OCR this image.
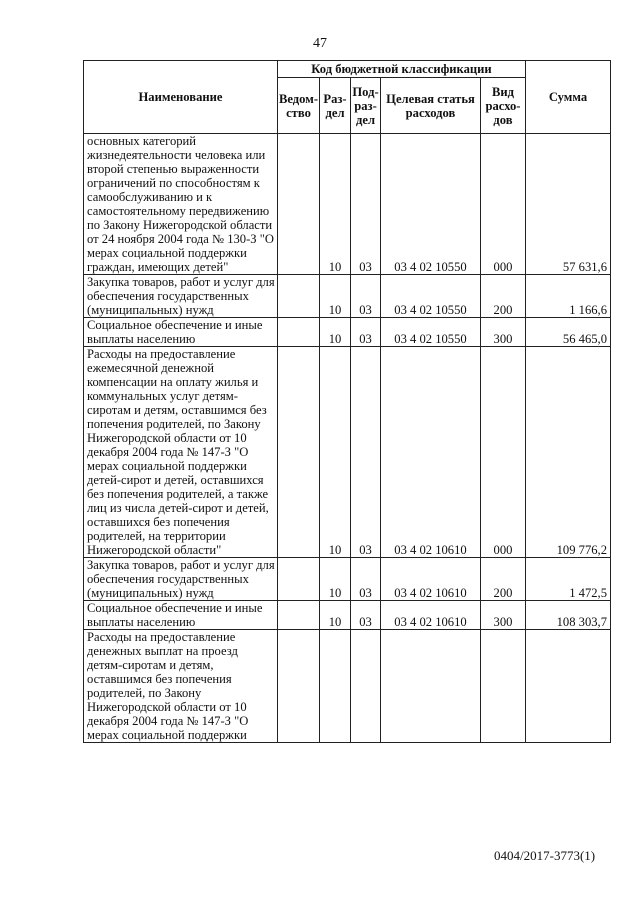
47
Наименование	Код бюджетной классификации					Сумма
	Ведом-ство	Раз-дел	Под-раз-дел	Целевая статья расходов	Вид расхо-дов	
основных категорий жизнедеятельности человека или второй степенью выраженности ограничений по способностям к самообслуживанию и к самостоятельному передвижению по Закону Нижегородской области от 24 ноября 2004 года № 130-З "О мерах социальной поддержки граждан, имеющих детей"		10	03	03 4 02 10550	000	57 631,6
Закупка товаров, работ и услуг для обеспечения государственных (муниципальных) нужд		10	03	03 4 02 10550	200	1 166,6
Социальное обеспечение и иные выплаты населению		10	03	03 4 02 10550	300	56 465,0
Расходы на предоставление ежемесячной денежной компенсации на оплату жилья и коммунальных услуг детям-сиротам и детям, оставшимся без попечения родителей, по Закону Нижегородской области от 10 декабря 2004 года № 147-З "О мерах социальной поддержки детей-сирот и детей, оставшихся без попечения родителей, а также лиц из числа детей-сирот и детей, оставшихся без попечения родителей, на территории Нижегородской области"		10	03	03 4 02 10610	000	109 776,2
Закупка товаров, работ и услуг для обеспечения государственных (муниципальных) нужд		10	03	03 4 02 10610	200	1 472,5
Социальное обеспечение и иные выплаты населению		10	03	03 4 02 10610	300	108 303,7
Расходы на предоставление денежных выплат на проезд детям-сиротам и детям, оставшимся без попечения родителей, по Закону Нижегородской области от 10 декабря 2004 года № 147-З "О мерах социальной поддержки						
0404/2017-3773(1)
